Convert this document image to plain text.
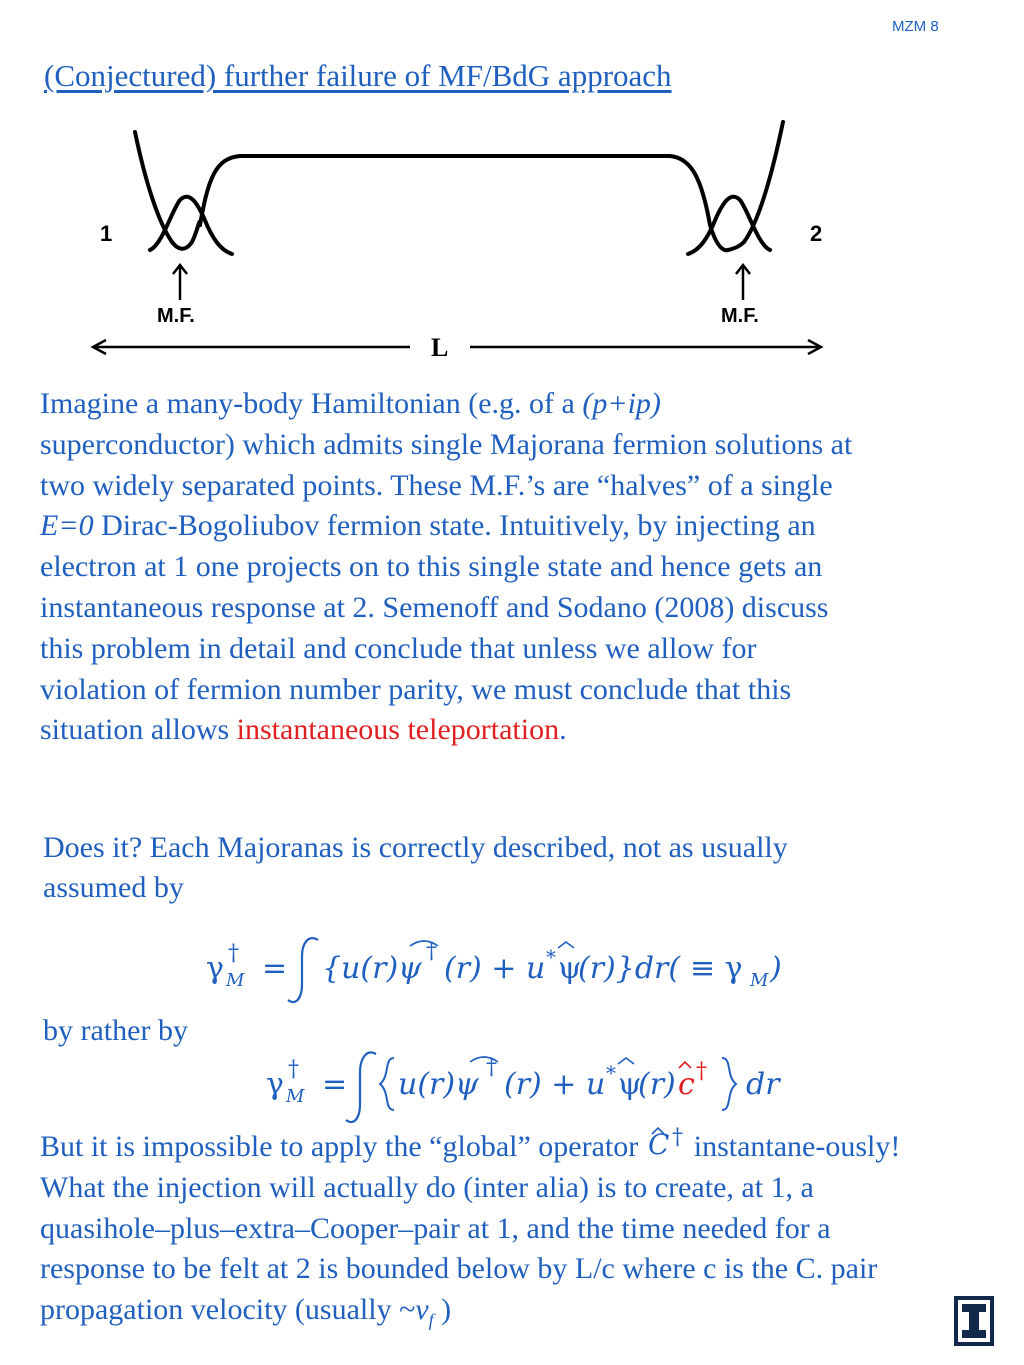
MZM 8
(Conjectured) further failure of MF/BdG approach
1	2
M.F.	M.F.
L
Imagine a many-body Hamiltonian (e.g. of a (p+ip)
superconductor) which admits single Majorana fermion solutions at
two widely separated points. These M.F.’s are “halves” of a single
E=0 Dirac-Bogoliubov fermion state. Intuitively, by injecting an
electron at 1 one projects on to this single state and hence gets an
instantaneous response at 2. Semenoff and Sodano (2008) discuss
this problem in detail and conclude that unless we allow for
violation of fermion number parity, we must conclude that this
situation allows instantaneous teleportation.
Does it? Each Majoranas is correctly described, not as usually
assumed by
γ †
M = {u(r)ψ † (r) + u * ψ
(r)}dr( ≡ γ M )
by rather by
γ †
M = u(r)ψ † (r) + u * ψ
(r) c † dr
But it is impossible to apply the “global” operator C † instantane-ously!
What the injection will actually do (inter alia) is to create, at 1, a
quasihole–plus–extra–Cooper–pair at 1, and the time needed for a
response to be felt at 2 is bounded below by L/c where c is the C. pair
propagation velocity (usually $\sim v_f$ )
